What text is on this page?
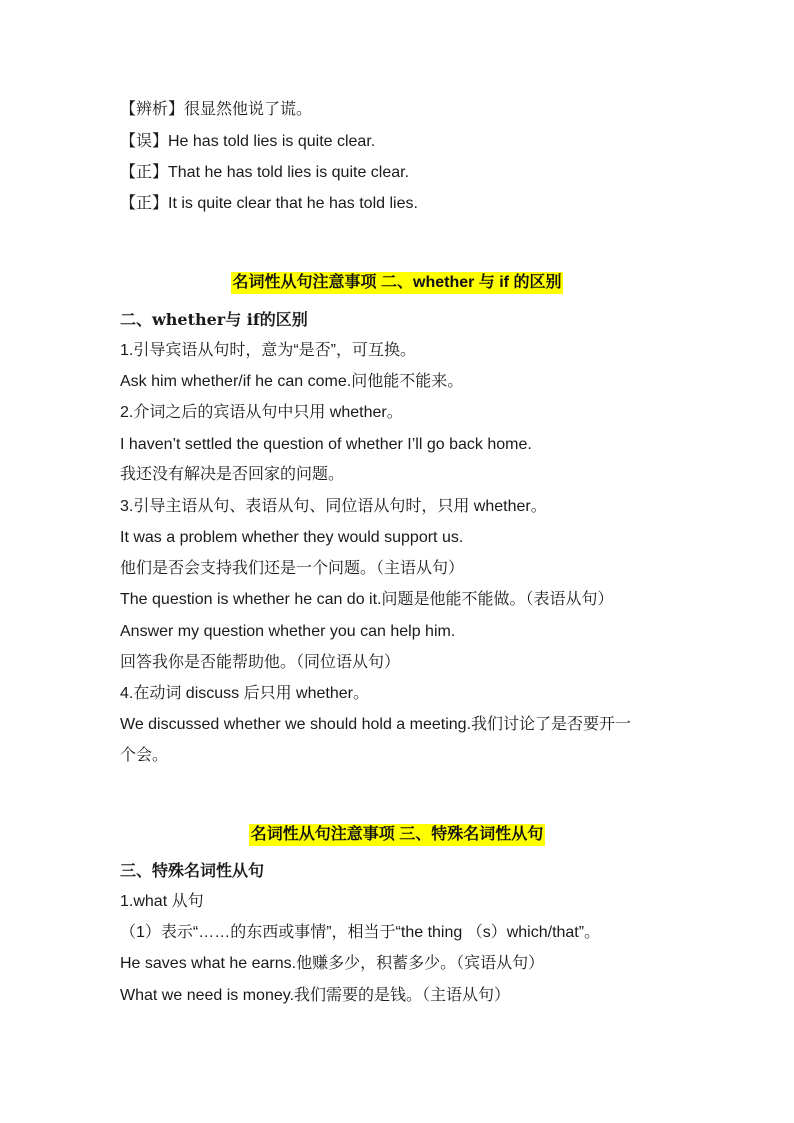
【辨析】很显然他说了谎。
【误】He has told lies is quite clear.
【正】That he has told lies is quite clear.
【正】It is quite clear that he has told lies.
名词性从句注意事项 二、whether 与 if 的区别
二、whether与 if的区别
1.引导宾语从句时，意为“是否”，可互换。
Ask him whether/if he can come.问他能不能来。
2.介词之后的宾语从句中只用 whether。
I haven’t settled the question of whether I’ll go back home.
我还没有解决是否回家的问题。
3.引导主语从句、表语从句、同位语从句时，只用 whether。
It was a problem whether they would support us.
他们是否会支持我们还是一个问题。（主语从句）
The question is whether he can do it.问题是他能不能做。（表语从句）
Answer my question whether you can help him.
回答我你是否能帮助他。（同位语从句）
4.在动词 discuss 后只用 whether。
We discussed whether we should hold a meeting.我们讨论了是否要开一
个会。
名词性从句注意事项 三、特殊名词性从句
三、特殊名词性从句
1.what 从句
（1）表示“……的东西或事情”，相当于“the thing （s）which/that”。
He saves what he earns.他赚多少，积蓄多少。（宾语从句）
What we need is money.我们需要的是钱。（主语从句）
